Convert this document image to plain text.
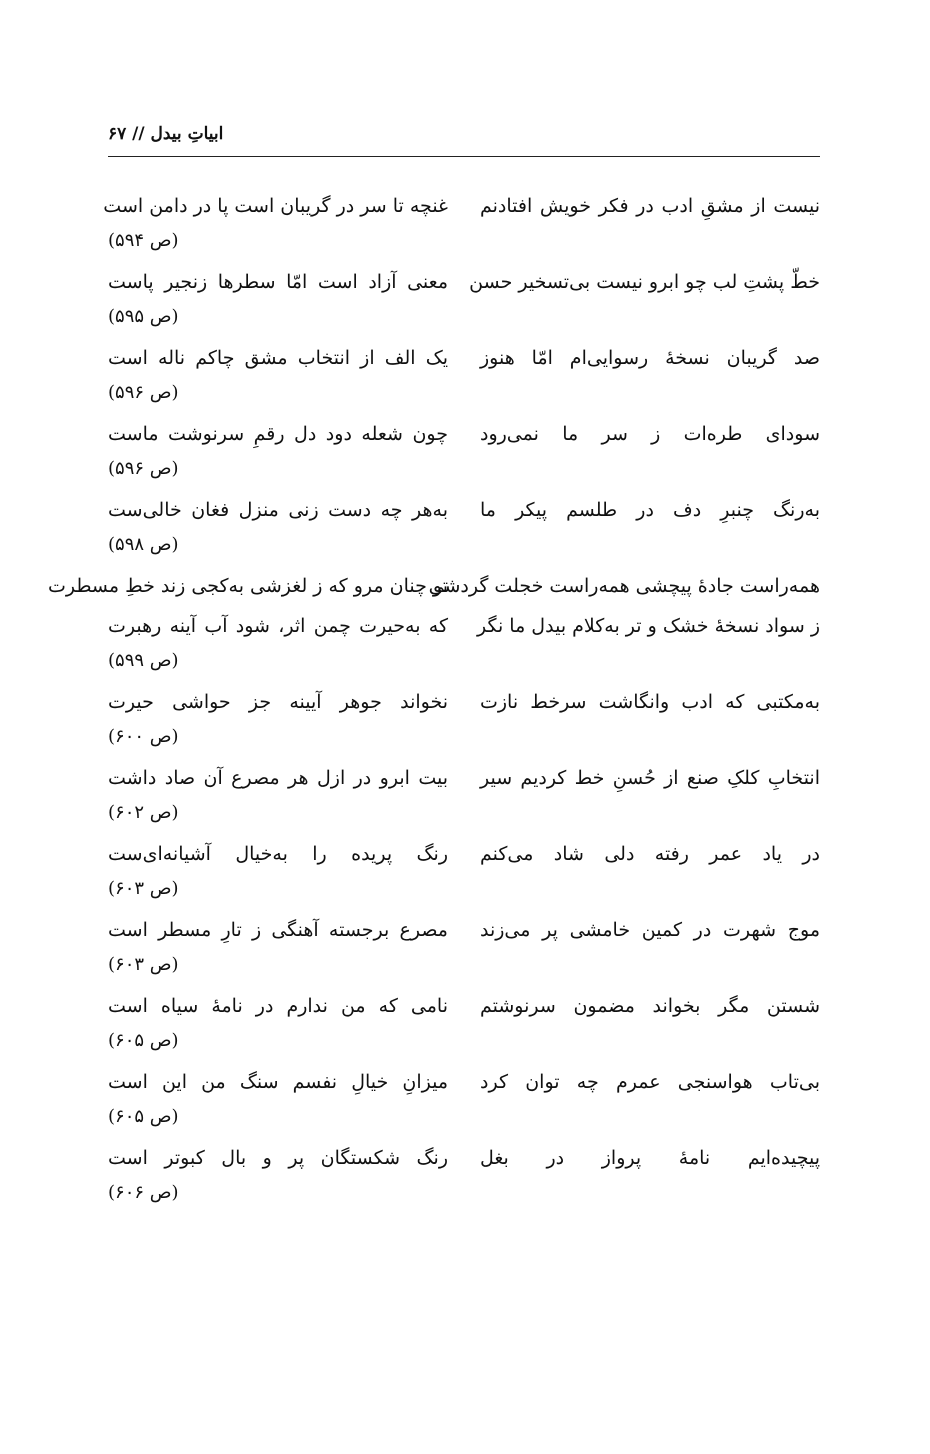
ابیاتِ بیدل // ۶۷
نیست از مشقِ ادب در فکر خویش افتادنم
غنچه تا سر در گریبان است پا در دامن است
(ص ۵۹۴)
خطّ پشتِ لب چو ابرو نیست بی‌تسخیر حسن
معنی آزاد است امّا سطرها زنجیر پاست
(ص ۵۹۵)
صد گریبان نسخهٔ رسوایی‌ام امّا هنوز
یک الف از انتخاب مشق چاکم ناله است
(ص ۵۹۶)
سودای طره‌ات ز سر ما نمی‌رود
چون شعله دود دل رقمِ سرنوشت ماست
(ص ۵۹۶)
به‌رنگ چنبرِ دف در طلسم پیکر ما
به‌هر چه دست زنی منزل فغان خالی‌ست
(ص ۵۹۸)
همه‌راست جادهٔ پیچشی همه‌راست خجلت گردشی
تو چنان مرو که ز لغزشی به‌کجی زند خطِ مسطرت
ز سواد نسخهٔ خشک و تر به‌کلام بیدل ما نگر
که به‌حیرت چمن اثر، شود آب آینه رهبرت
(ص ۵۹۹)
به‌مکتبی که ادب وانگاشت سرخط نازت
نخواند جوهر آیینه جز حواشی حیرت
(ص ۶۰۰)
انتخابِ کلکِ صنع از حُسنِ خط کردیم سیر
بیت ابرو در ازل هر مصرع آن صاد داشت
(ص ۶۰۲)
در یاد عمر رفته دلی شاد می‌کنم
رنگ پریده را به‌خیال آشیانه‌ای‌ست
(ص ۶۰۳)
موج شهرت در کمین خامشی پر می‌زند
مصرع برجسته آهنگی ز تارِ مسطر است
(ص ۶۰۳)
شستن مگر بخواند مضمون سرنوشتم
نامی که من ندارم در نامهٔ سیاه است
(ص ۶۰۵)
بی‌تاب هواسنجی عمرم چه توان کرد
میزانِ خیالِ نفسم سنگ من این است
(ص ۶۰۵)
پیچیده‌ایم نامهٔ پرواز در بغل
رنگ شکستگان پر و بال کبوتر است
(ص ۶۰۶)
